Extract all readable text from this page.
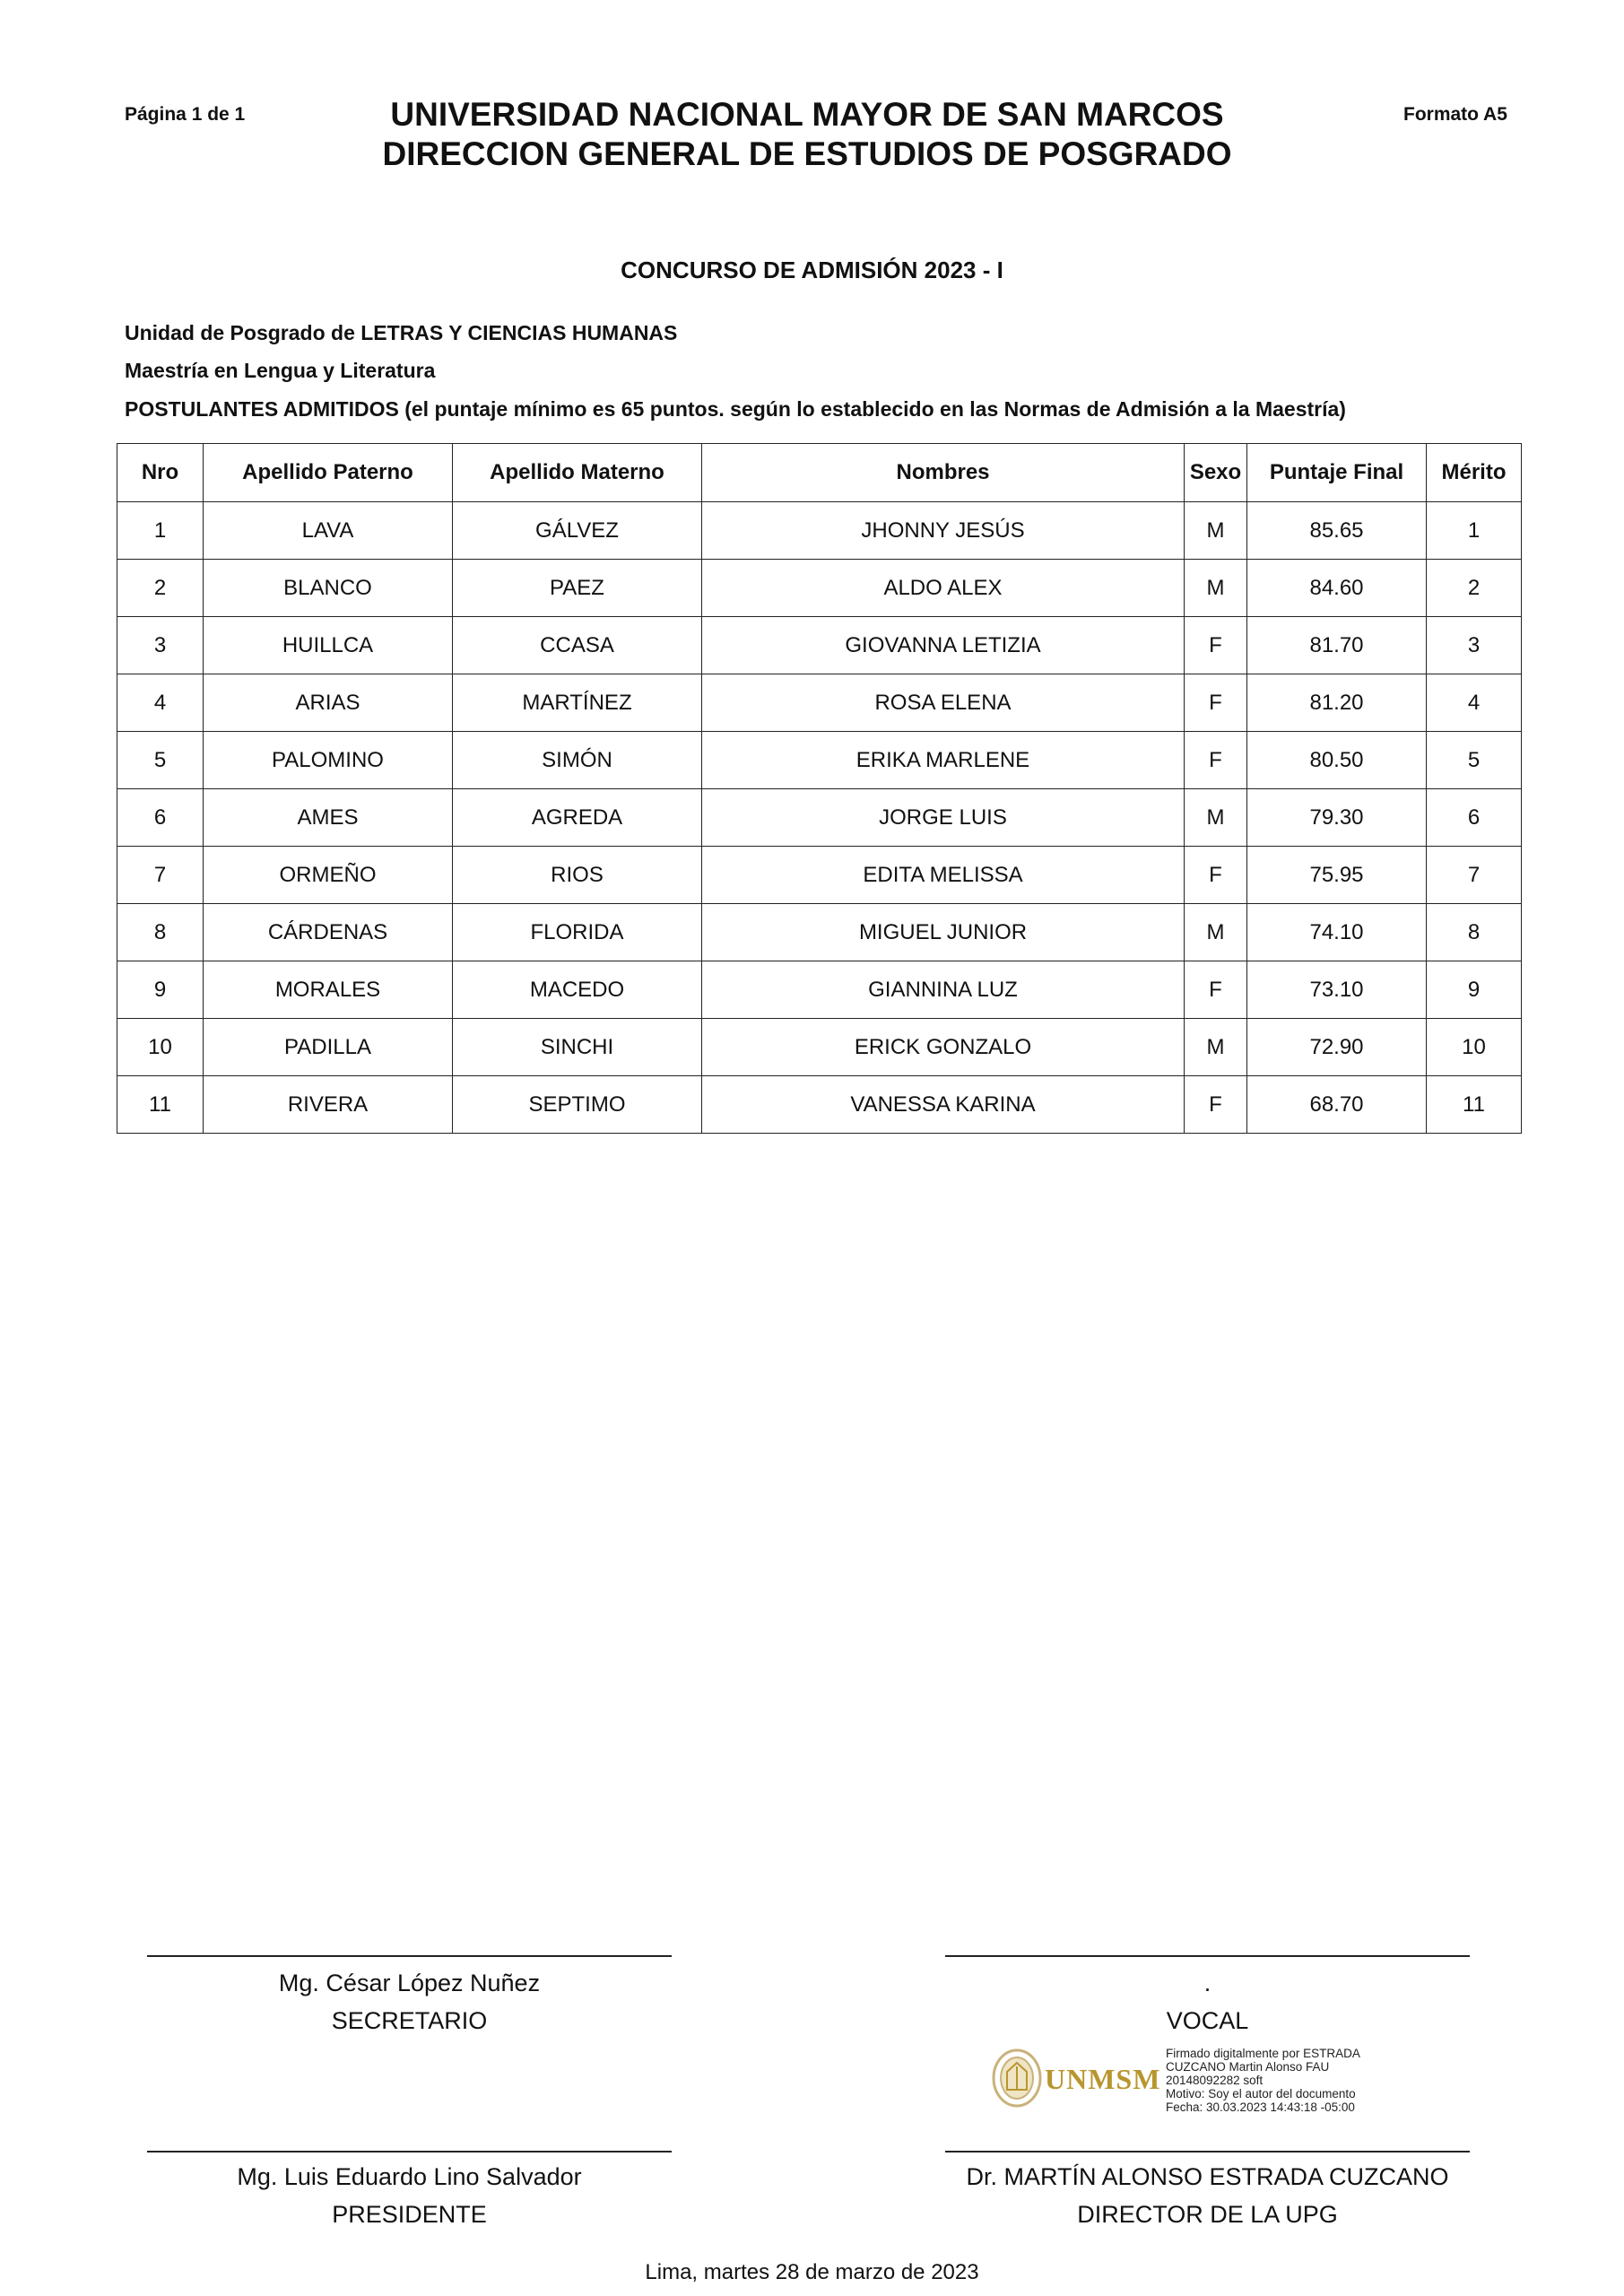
Página 1 de 1	UNIVERSIDAD NACIONAL MAYOR DE SAN MARCOS
DIRECCION GENERAL DE ESTUDIOS DE POSGRADO
Formato A5
CONCURSO DE ADMISIÓN 2023 - I
Unidad de Posgrado de LETRAS Y CIENCIAS HUMANAS
Maestría en Lengua y Literatura
POSTULANTES ADMITIDOS (el puntaje mínimo es 65 puntos. según lo establecido en las Normas de Admisión a la Maestría)
Nro	Apellido Paterno	Apellido Materno	Nombres	Sexo	Puntaje Final	Mérito
1	LAVA	GÁLVEZ	JHONNY JESÚS	M	85.65	1
2	BLANCO	PAEZ	ALDO ALEX	M	84.60	2
3	HUILLCA	CCASA	GIOVANNA LETIZIA	F	81.70	3
4	ARIAS	MARTÍNEZ	ROSA ELENA	F	81.20	4
5	PALOMINO	SIMÓN	ERIKA MARLENE	F	80.50	5
6	AMES	AGREDA	JORGE LUIS	M	79.30	6
7	ORMEÑO	RIOS	EDITA MELISSA	F	75.95	7
8	CÁRDENAS	FLORIDA	MIGUEL JUNIOR	M	74.10	8
9	MORALES	MACEDO	GIANNINA LUZ	F	73.10	9
10	PADILLA	SINCHI	ERICK GONZALO	M	72.90	10
11	RIVERA	SEPTIMO	VANESSA KARINA	F	68.70	11
Mg. César López Nuñez
SECRETARIO
.
VOCAL
UNMSM
Firmado digitalmente por ESTRADA
CUZCANO Martin Alonso FAU
20148092282 soft
Motivo: Soy el autor del documento
Fecha: 30.03.2023 14:43:18 -05:00
Mg. Luis Eduardo Lino Salvador
PRESIDENTE
Dr. MARTÍN ALONSO ESTRADA CUZCANO
DIRECTOR DE LA UPG
Lima, martes 28 de marzo de 2023
